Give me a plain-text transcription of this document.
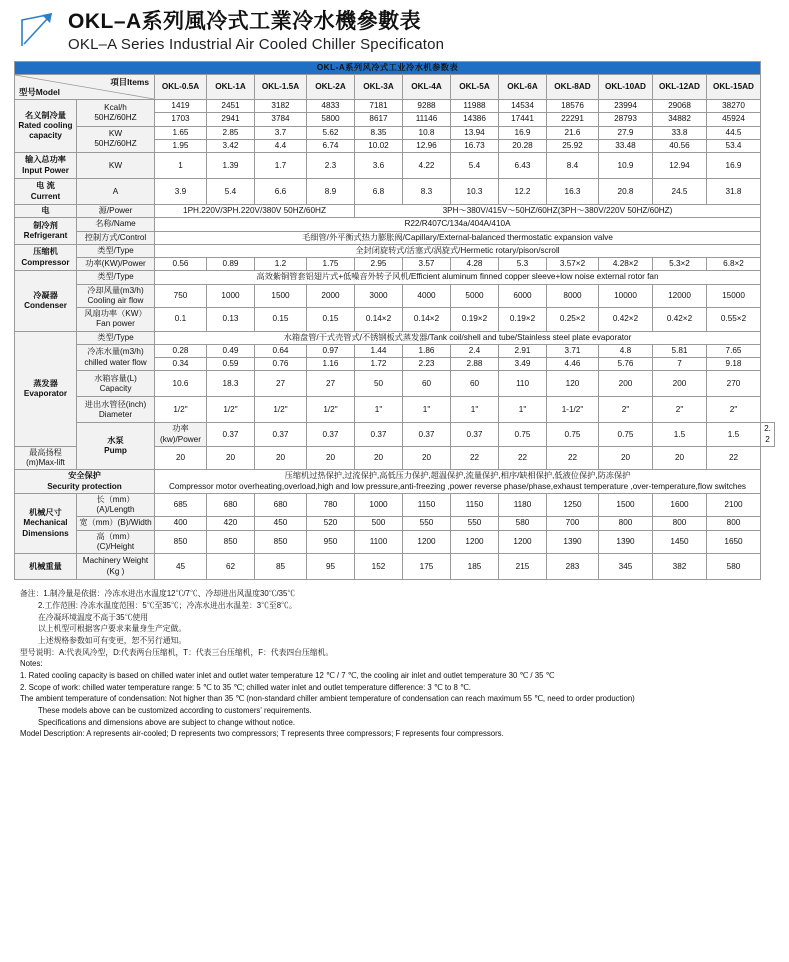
OKL–A系列風冷式工業冷水機參數表
OKL–A Series Industrial Air Cooled Chiller Specificaton
OKL-A系列风冷式工业冷水机参数表														

型号Model
項目Items		OKL-0.5A	OKL-1A	OKL-1.5A	OKL-2A	OKL-3A	OKL-4A	OKL-5A	OKL-6A	OKL-8AD	OKL-10AD	OKL-12AD	OKL-15AD	

名义制冷量
Rated cooling capacity

Kcal/h
50HZ/60HZ
	1419	2451	3182	4833	7181	9288	11988	14534	18576	23994	29068	38270
		1703	2941	3784	5800	8617	11146	14386	17441	22291	28793	34882	45924	

	KW
50HZ/60HZ	1.65	2.85	3.7	5.62	8.35	10.8	13.94	16.9	21.6	27.9	33.8	44.5	
		1.95	3.42	4.4	6.74	10.02	12.96	16.73	20.28	25.92	33.48	40.56	53.4	

输入总功率
Input Power	KW	1	1.39	1.7	2.3	3.6	4.22	5.4	6.43	8.4	10.9	12.94	16.9	

电 流
Current	A	3.9	5.4	6.6	8.9	6.8	8.3	10.3	12.2	16.3	20.8	24.5	31.8	
电	源/Power	1PH.220V/3PH.220V/380V 50HZ/60HZ				3PH～380V/415V～50HZ/60HZ(3PH～380V/220V 50HZ/60HZ)								

制冷剂
Refrigerant	名称/Name	R22/R407C/134a/404A/410A												
	控制方式/Control	毛细管/外平衡式热力膨胀阀/Capillary/External-balanced thermostatic expansion valve												

压缩机
Compressor	类型/Type	全封闭旋转式/活塞式/涡旋式/Hermetic rotary/pison/scroll												
	功率(KW)/Power	0.56	0.89	1.2	1.75	2.95	3.57	4.28	5.3	3.57×2	4.28×2	5.3×2	6.8×2	

冷凝器
Condenser	类型/Type	高效紫铜管套铝翅片式+低噪音外转子风机/Efficient aluminum finned copper sleeve+low noise external rotor fan												

	冷却风量(m3/h)
Cooling air flow	750	1000	1500	2000	3000	4000	5000	6000	8000	10000	12000	15000	

	风扇功率（KW）
Fan power	0.1	0.13	0.15	0.15	0.14×2	0.14×2	0.19×2	0.19×2	0.25×2	0.42×2	0.42×2	0.55×2	

蒸发器
Evaporator	类型/Type	水箱盘管/干式壳管式/不锈钢板式蒸发器/Tank coil/shell and tube/Stainless steel plate evaporator												

	冷冻水量(m3/h)
chilled water flow	0.28	0.49	0.64	0.97	1.44	1.86	2.4	2.91	3.71	4.8	5.81	7.65	
		0.34	0.59	0.76	1.16	1.72	2.23	2.88	3.49	4.46	5.76	7	9.18	

	水箱容量(L)
Capacity	10.6	18.3	27	27	50	60	60	110	120	200	200	270	

	进出水管径(inch)
Diameter	1/2"	1/2"	1/2"	1/2"	1"	1"	1"	1"	1-1/2"	2"	2"	2"	

	水泵
Pump	功率(kw)/Power	0.37	0.37	0.37	0.37	0.37	0.37	0.75	0.75	0.75	1.5	1.5	2.2
最高扬程(m)Max-lift		20	20	20	20	20	20	22	22	22	20	20	22	

安全保护
Security protection

压缩机过热保护,过流保护,高低压力保护,超温保护,流量保护,相序/缺相保护,低液位保护,防冻保护
Compressor motor overheating,overload,high and low pressure,anti-freezing ,power reverse phase/phase,exhaust temperature ,over-temperature,flow switches

机械尺寸
Mechanical Dimensions	长（mm）(A)/Length	685	680	680	780	1000	1150	1150	1180	1250	1500	1600	2100	
	宽（mm）(B)/Width	400	420	450	520	500	550	550	580	700	800	800	800	
	高（mm）(C)/Height	850	850	850	950	1100	1200	1200	1200	1390	1390	1450	1650	
机械重量	Machinery Weight
(Kg )	45	62	85	95	152	175	185	215	283	345	382	580	

备注：1.制冷量是依据：冷冻水进出水温度12℃/7℃、冷却进出风温度30℃/35℃

2.工作范围: 冷冻水温度范围：5℃至35℃；冷冻水进出水温差：3℃至8℃。

在冷凝环境温度不高于35℃使用

以上机型可根据客户要求来量身生产定做。

上述规格参数如可有变更，恕不另行通知。

型号说明：A:代表风冷型，D:代表两台压缩机，T：代表三台压缩机，F：代表四台压缩机。

Notes:

1. Rated cooling capacity is based on chilled water inlet and outlet water temperature 12 ℃ / 7 ℃, the cooling air inlet and outlet temperature 30 ℃ / 35 ℃

2. Scope of work: chilled water temperature range: 5 ℃ to 35 ℃; chilled water inlet and outlet temperature difference: 3 ℃ to 8 ℃.

The ambient temperature of condensation: Not higher than 35 ℃ (non-standard chiller ambient temperature of condensation can reach maximum 55 ℃, need to order production)

These models above can be customized according to customers' requirements.

Specifications and dimensions above are subject to change without notice.

Model Description: A represents air-cooled; D represents two compressors; T represents three compressors; F represents four compressors.
